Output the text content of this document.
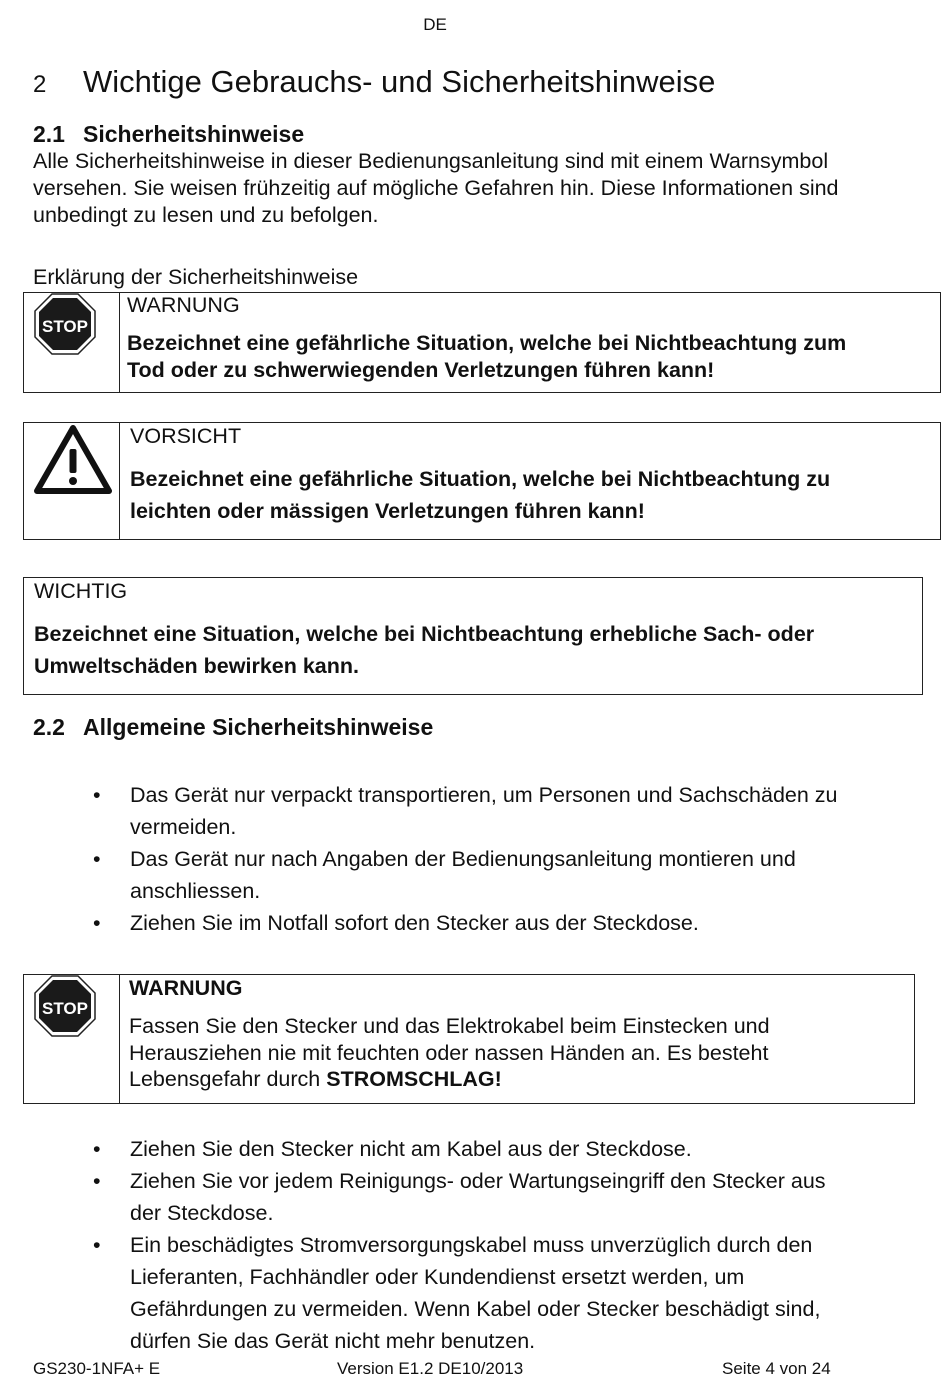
DE
2 Wichtige Gebrauchs- und Sicherheitshinweise
2.1 Sicherheitshinweise
Alle Sicherheitshinweise in dieser Bedienungsanleitung sind mit einem Warnsymbol
versehen. Sie weisen frühzeitig auf mögliche Gefahren hin. Diese Informationen sind
unbedingt zu lesen und zu befolgen.
Erklärung der Sicherheitshinweise
STOP
WARNUNG
Bezeichnet eine gefährliche Situation, welche bei Nichtbeachtung zum
Tod oder zu schwerwiegenden Verletzungen führen kann!
VORSICHT
Bezeichnet eine gefährliche Situation, welche bei Nichtbeachtung zu
leichten oder mässigen Verletzungen führen kann!
WICHTIG
Bezeichnet eine Situation, welche bei Nichtbeachtung erhebliche Sach- oder
Umweltschäden bewirken kann.
2.2 Allgemeine Sicherheitshinweise
• Das Gerät nur verpackt transportieren, um Personen und Sachschäden zu
vermeiden.
• Das Gerät nur nach Angaben der Bedienungsanleitung montieren und
anschliessen.
• Ziehen Sie im Notfall sofort den Stecker aus der Steckdose.
STOP
WARNUNG
Fassen Sie den Stecker und das Elektrokabel beim Einstecken und
Herausziehen nie mit feuchten oder nassen Händen an. Es besteht
Lebensgefahr durch STROMSCHLAG!
• Ziehen Sie den Stecker nicht am Kabel aus der Steckdose.
• Ziehen Sie vor jedem Reinigungs- oder Wartungseingriff den Stecker aus
der Steckdose.
• Ein beschädigtes Stromversorgungskabel muss unverzüglich durch den
Lieferanten, Fachhändler oder Kundendienst ersetzt werden, um
Gefährdungen zu vermeiden. Wenn Kabel oder Stecker beschädigt sind,
dürfen Sie das Gerät nicht mehr benutzen.
GS230-1NFA+ E	Version E1.2 DE10/2013	Seite 4 von 24
